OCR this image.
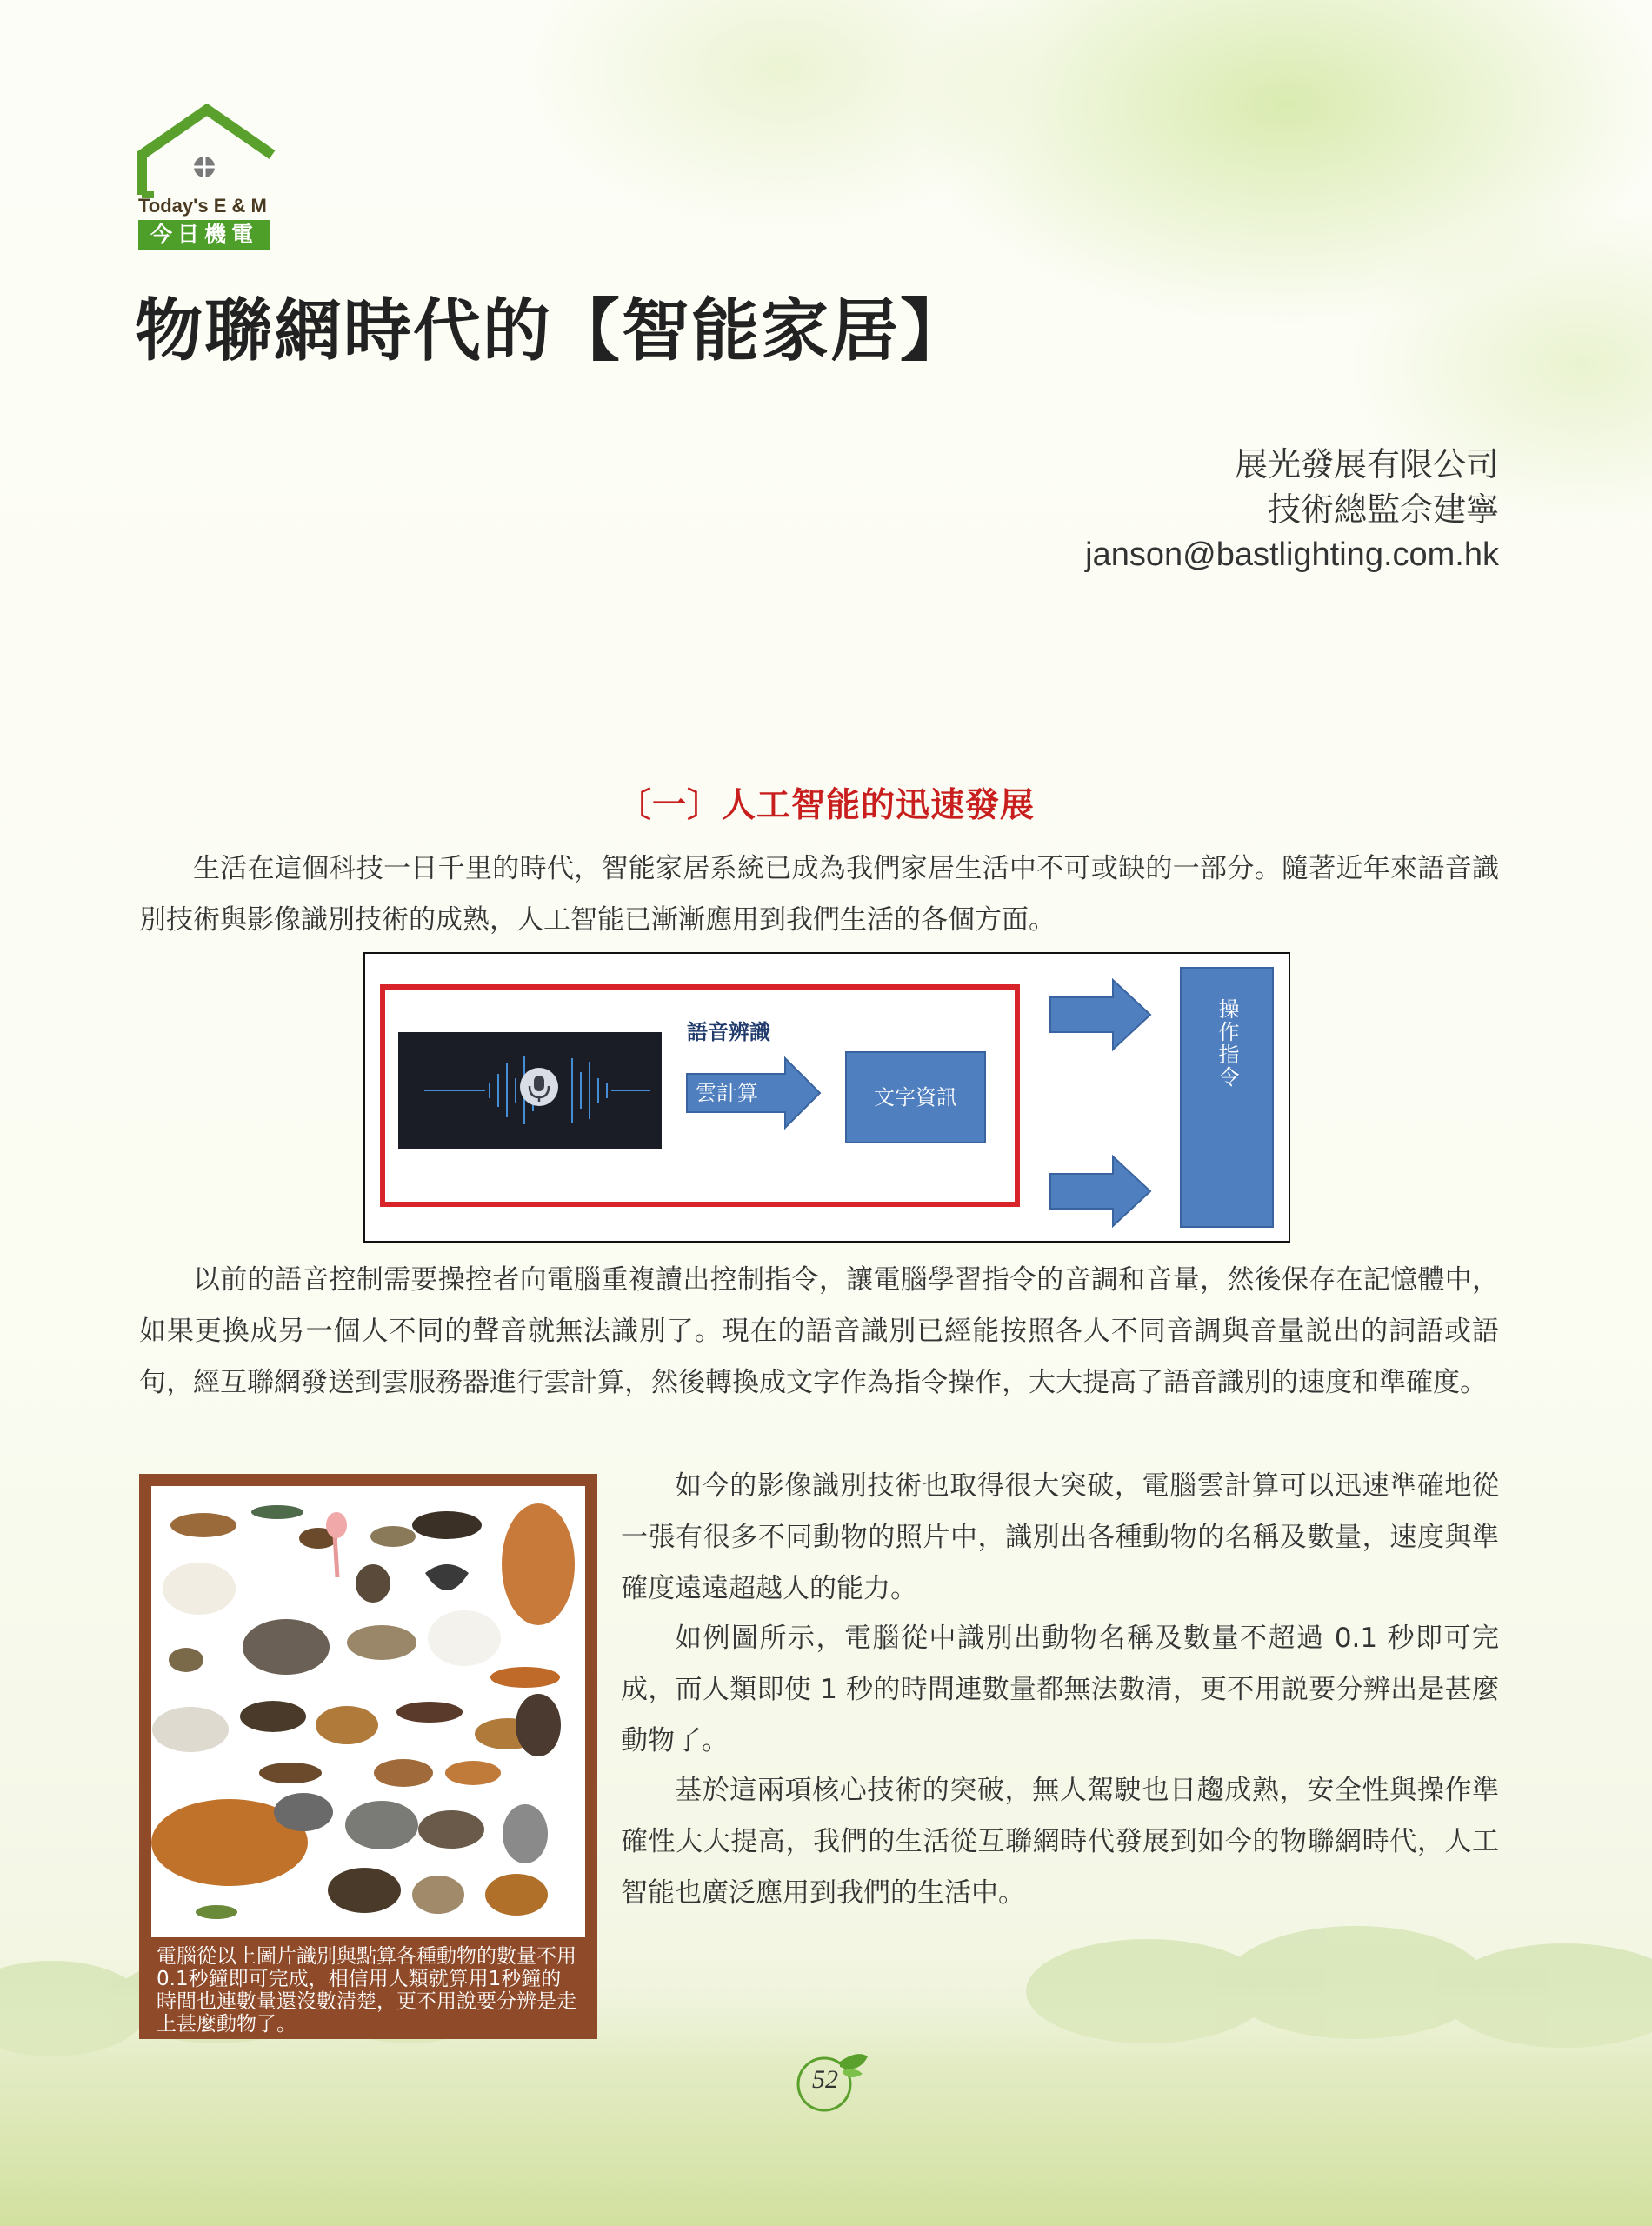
Today's E & M
今日機電
物聯網時代的【智能家居】
展光發展有限公司
技術總監佘建寧
janson@bastlighting.com.hk
〔一〕人工智能的迅速發展

生活在這個科技一日千里的時代，智能家居系統已成為我們家居生活中不可或缺的一部分。隨著近年來語音識別技術與影像識別技術的成熟，人工智能已漸漸應用到我們生活的各個方面。

語音辨識
雲計算	文字資訊
操作指令

以前的語音控制需要操控者向電腦重複讀出控制指令，讓電腦學習指令的音調和音量，然後保存在記憶體中，如果更換成另一個人不同的聲音就無法識別了。現在的語音識別已經能按照各人不同音調與音量説出的詞語或語句，經互聯網發送到雲服務器進行雲計算，然後轉換成文字作為指令操作，大大提高了語音識別的速度和準確度。

電腦從以上圖片識別與點算各種動物的數量不用0.1秒鐘即可完成，相信用人類就算用1秒鐘的時間也連數量還沒數清楚，更不用說要分辨是走上甚麼動物了。

如今的影像識別技術也取得很大突破，電腦雲計算可以迅速準確地從一張有很多不同動物的照片中，識別出各種動物的名稱及數量，速度與準確度遠遠超越人的能力。

如例圖所示，電腦從中識別出動物名稱及數量不超過 0.1 秒即可完成，而人類即使 1 秒的時間連數量都無法數清，更不用説要分辨出是甚麼動物了。

基於這兩項核心技術的突破，無人駕駛也日趨成熟，安全性與操作準確性大大提高，我們的生活從互聯網時代發展到如今的物聯網時代，人工智能也廣泛應用到我們的生活中。

52
